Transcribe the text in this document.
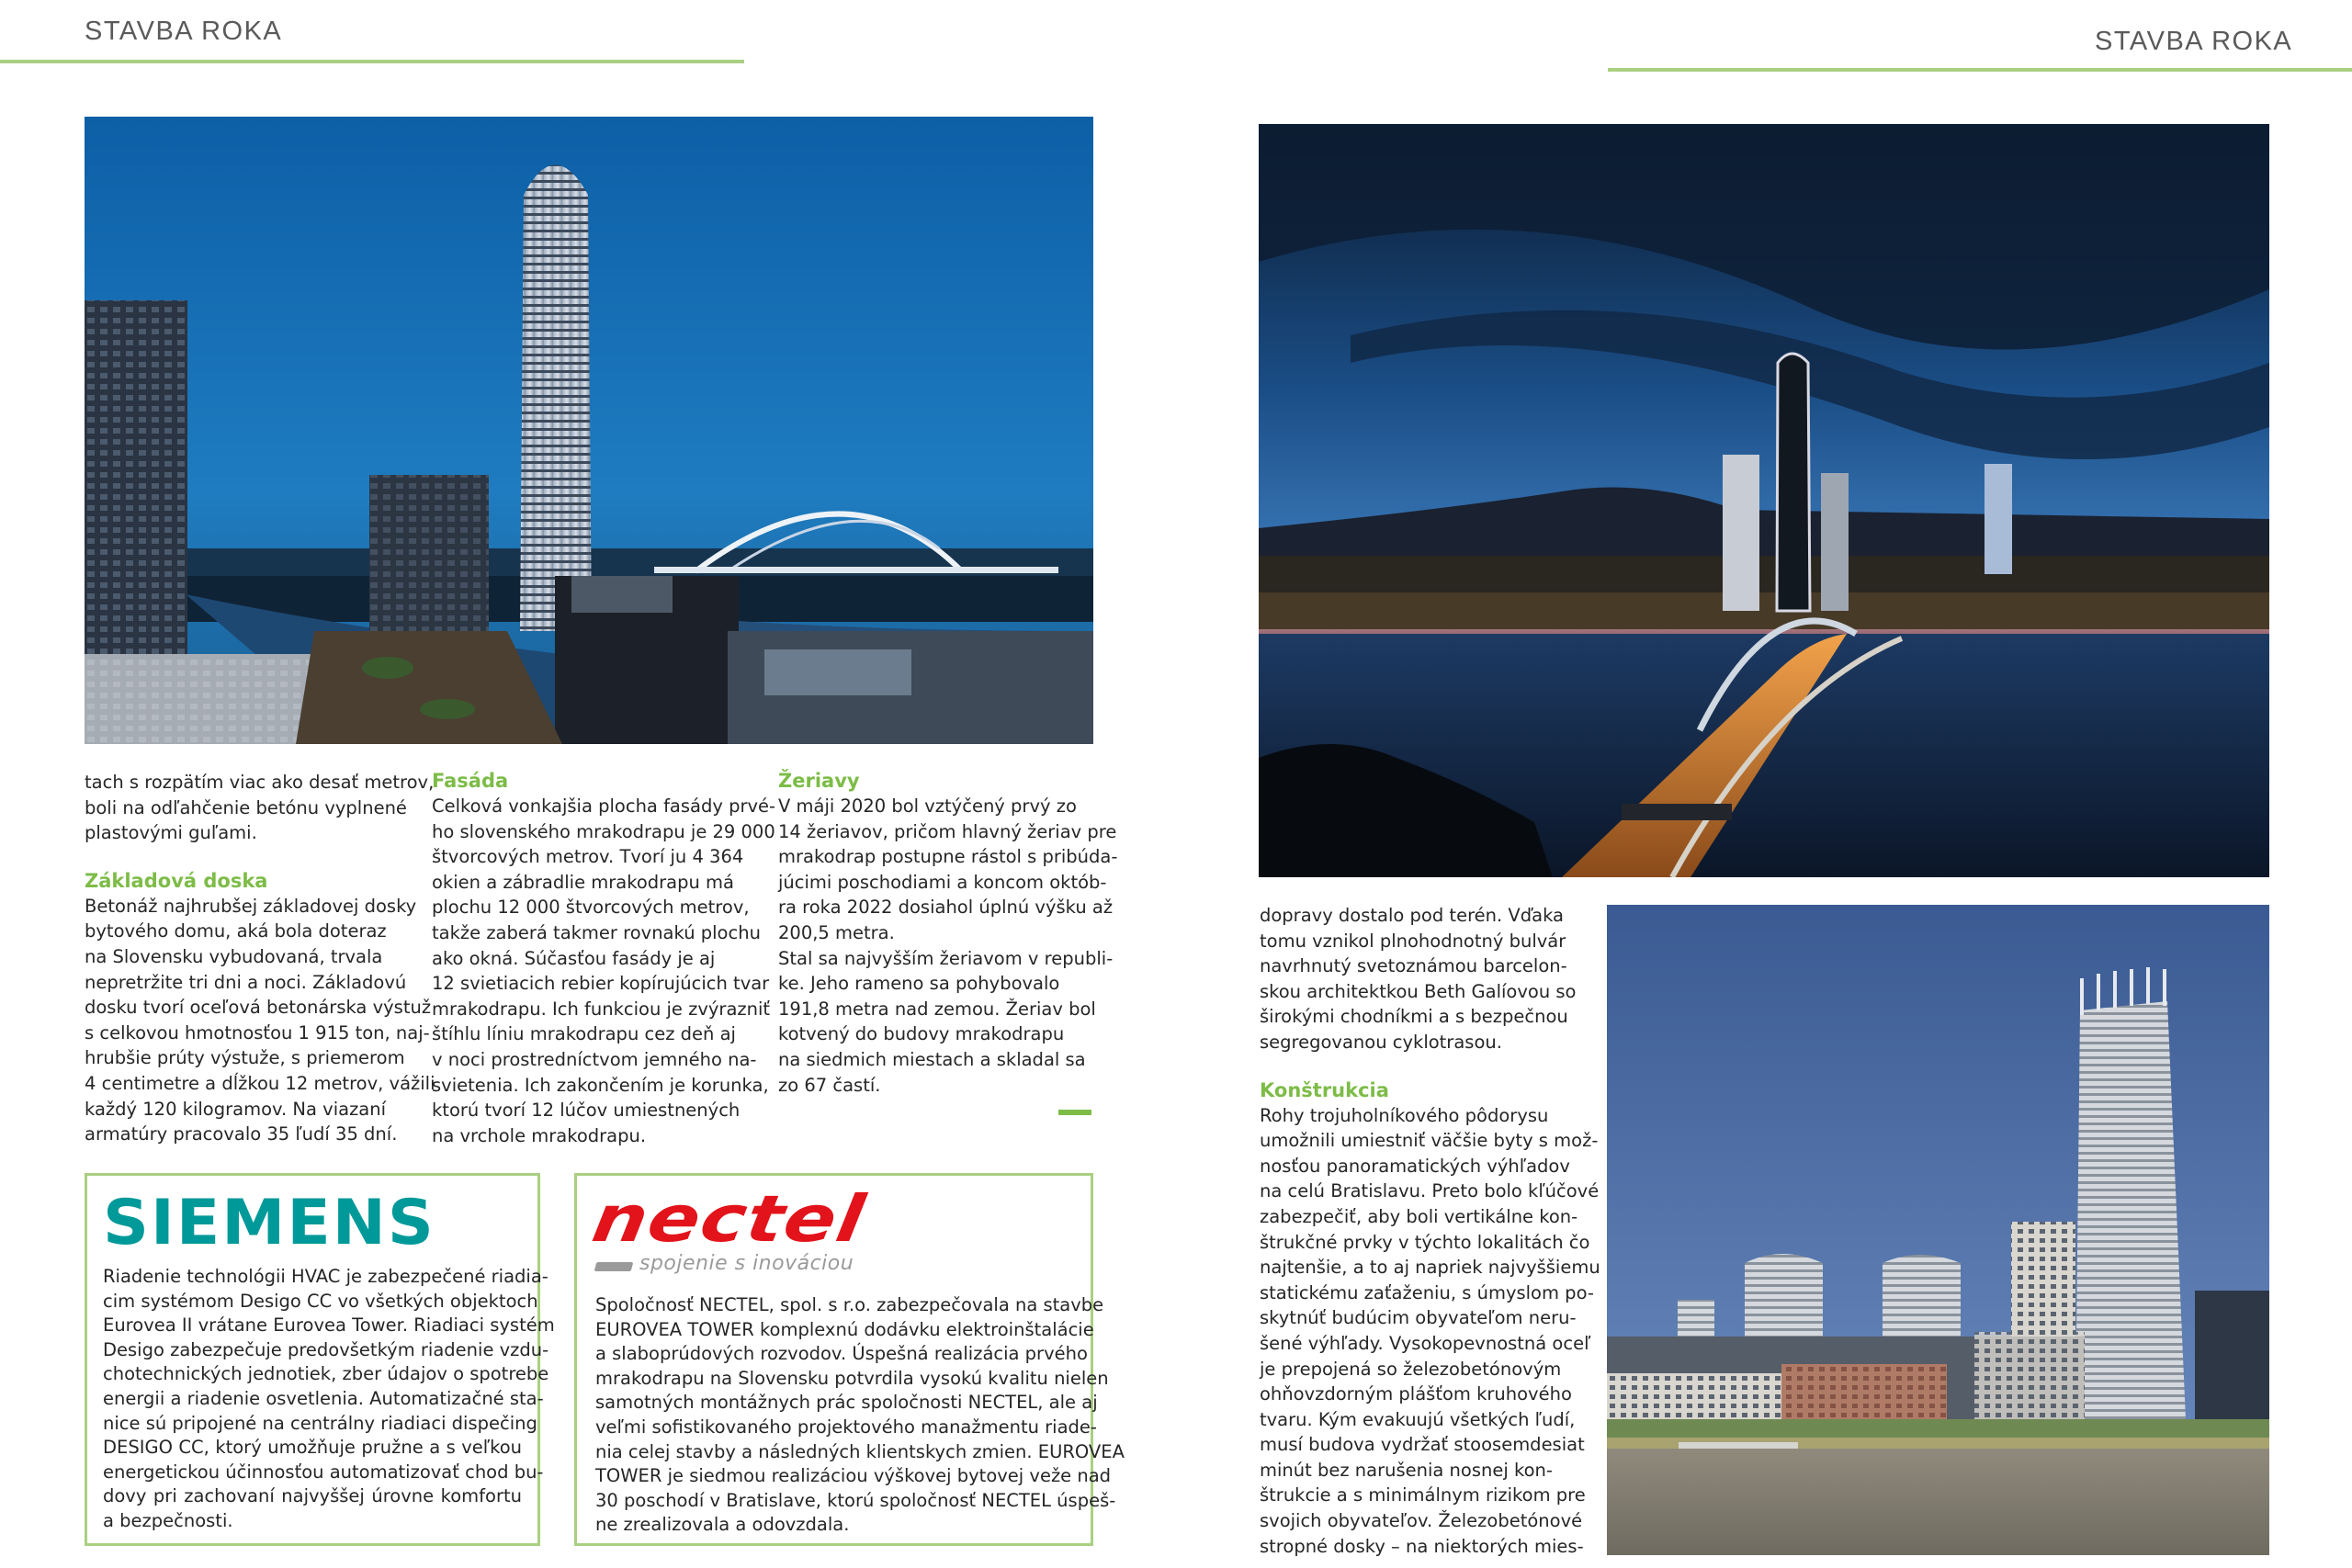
STAVBA ROKA

tach s rozpätím viac ako desať metrov,
boli na odľahčenie betónu vyplnené
plastovými guľami.

Základová doska

Betonáž najhrubšej základovej dosky
bytového domu, aká bola doteraz
na Slovensku vybudovaná, trvala
nepretržite tri dni a noci. Základovú
dosku tvorí oceľová betonárska výstuž
s celkovou hmotnosťou 1 915 ton, naj-
hrubšie prúty výstuže, s priemerom
4 centimetre a dĺžkou 12 metrov, vážili
každý 120 kilogramov. Na viazaní
armatúry pracovalo 35 ľudí 35 dní.

Fasáda

Celková vonkajšia plocha fasády prvé-
ho slovenského mrakodrapu je 29 000
štvorcových metrov. Tvorí ju 4 364
okien a zábradlie mrakodrapu má
plochu 12 000 štvorcových metrov,
takže zaberá takmer rovnakú plochu
ako okná. Súčasťou fasády je aj
12 svietiacich rebier kopírujúcich tvar
mrakodrapu. Ich funkciou je zvýrazniť
štíhlu líniu mrakodrapu cez deň aj
v noci prostredníctvom jemného na-
svietenia. Ich zakončením je korunka,
ktorú tvorí 12 lúčov umiestnených
na vrchole mrakodrapu.

Žeriavy

V máji 2020 bol vztýčený prvý zo
14 žeriavov, pričom hlavný žeriav pre
mrakodrap postupne rástol s pribúda-
júcimi poschodiami a koncom októb-
ra roka 2022 dosiahol úplnú výšku až
200,5 metra.
Stal sa najvyšším žeriavom v republi-
ke. Jeho rameno sa pohybovalo
191,8 metra nad zemou. Žeriav bol
kotvený do budovy mrakodrapu
na siedmich miestach a skladal sa
zo 67 častí.

SIEMENS
Riadenie technológii HVAC je zabezpečené riadia-
cim systémom Desigo CC vo všetkých objektoch
Eurovea II vrátane Eurovea Tower. Riadiaci systém
Desigo zabezpečuje predovšetkým riadenie vzdu-
chotechnických jednotiek, zber údajov o spotrebe
energii a riadenie osvetlenia. Automatizačné sta-
nice sú pripojené na centrálny riadiaci dispečing
DESIGO CC, ktorý umožňuje pružne a s veľkou
energetickou účinnosťou automatizovať chod bu-
dovy pri zachovaní najvyššej úrovne komfortu
a bezpečnosti.
nectel
spojenie s inováciou
Spoločnosť NECTEL, spol. s r.o. zabezpečovala na stavbe
EUROVEA TOWER komplexnú dodávku elektroinštalácie
a slaboprúdových rozvodov. Úspešná realizácia prvého
mrakodrapu na Slovensku potvrdila vysokú kvalitu nielen
samotných montážnych prác spoločnosti NECTEL, ale aj
veľmi sofistikovaného projektového manažmentu riade-
nia celej stavby a následných klientskych zmien. EUROVEA
TOWER je siedmou realizáciou výškovej bytovej veže nad
30 poschodí v Bratislave, ktorú spoločnosť NECTEL úspeš-
ne zrealizovala a odovzdala.
STAVBA ROKA

dopravy dostalo pod terén. Vďaka
tomu vznikol plnohodnotný bulvár
navrhnutý svetoznámou barcelon-
skou architektkou Beth Galíovou so
širokými chodníkmi a s bezpečnou
segregovanou cyklotrasou.

Konštrukcia

Rohy trojuholníkového pôdorysu
umožnili umiestniť väčšie byty s mož-
nosťou panoramatických výhľadov
na celú Bratislavu. Preto bolo kľúčové
zabezpečiť, aby boli vertikálne kon-
štrukčné prvky v týchto lokalitách čo
najtenšie, a to aj napriek najvyššiemu
statickému zaťaženiu, s úmyslom po-
skytnúť budúcim obyvateľom neru-
šené výhľady. Vysokopevnostná oceľ
je prepojená so železobetónovým
ohňovzdorným plášťom kruhového
tvaru. Kým evakuujú všetkých ľudí,
musí budova vydržať stoosemdesiat
minút bez narušenia nosnej kon-
štrukcie a s minimálnym rizikom pre
svojich obyvateľov. Železobetónové
stropné dosky – na niektorých mies-
